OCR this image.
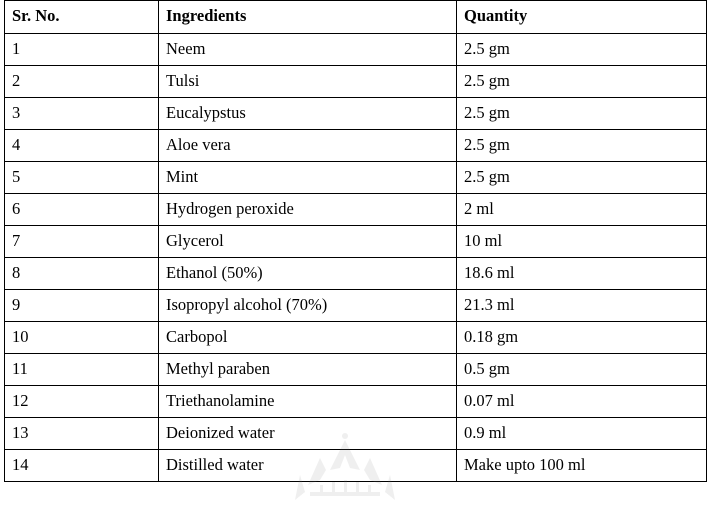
Sr. No.	Ingredients	Quantity
1	Neem	2.5 gm
2	Tulsi	2.5 gm
3	Eucalypstus	2.5 gm
4	Aloe vera	2.5 gm
5	Mint	2.5 gm
6	Hydrogen peroxide	2 ml
7	Glycerol	10 ml
8	Ethanol (50%)	18.6 ml
9	Isopropyl alcohol (70%)	21.3 ml
10	Carbopol	0.18 gm
11	Methyl paraben	0.5 gm
12	Triethanolamine	0.07 ml
13	Deionized water	0.9 ml
14	Distilled water	Make upto 100 ml
